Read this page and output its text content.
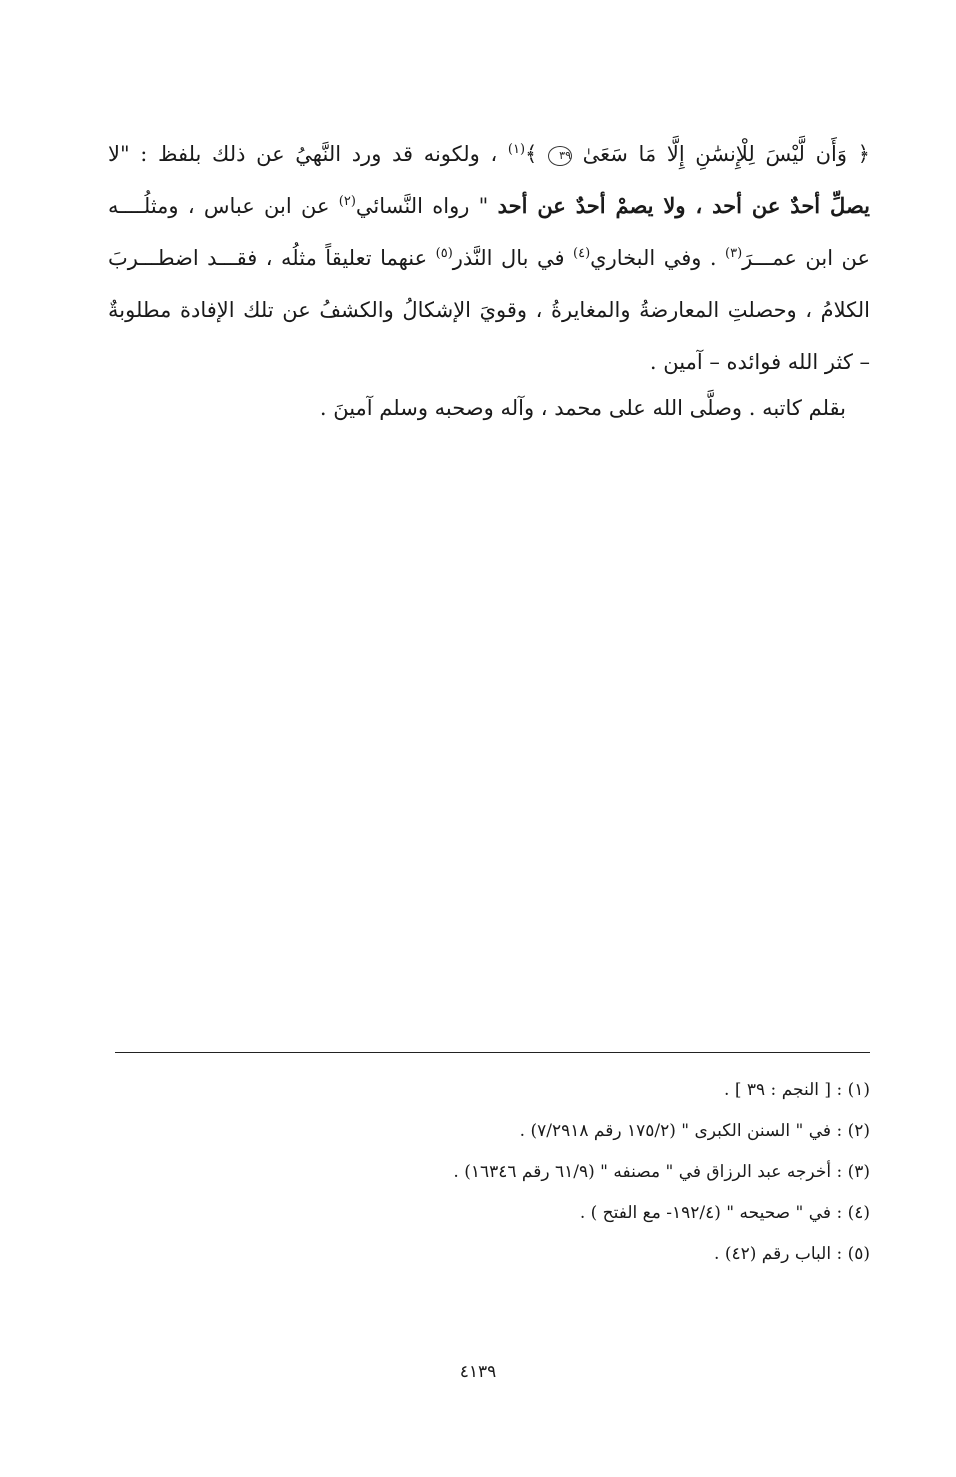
﴿ وَأَن لَّيْسَ لِلْإِنسَٰنِ إِلَّا مَا سَعَىٰ ٣٩ ﴾$^{(١)}$ ، ولكونه قد ورد النَّهيُ عن ذلك بلفظ : "لا
يصلِّ أحدٌ عن أحد ، ولا يصمْ أحدٌ عن أحد " رواه النَّسائي$^{(٢)}$ عن ابن عباس ، ومثلُــــه
عن ابن عمـــرَ$^{(٣)}$ . وفي البخاري$^{(٤)}$ في بال النَّذر$^{(٥)}$ عنهما تعليقاً مثلُه ، فقـــد اضطـــربَ
الكلامُ ، وحصلتِ المعارضةُ والمغايرةُ ، وقويَ الإشكالُ والكشفُ عن تلك الإفادة مطلوبةٌ
– كثر الله فوائده – آمين .
بقلم كاتبه . وصلَّى الله على محمد ، وآله وصحبه وسلم آمينَ .
(١) : [ النجم : ٣٩ ] .
(٢) : في " السنن الكبرى " (١٧٥/٢ رقم ٧/٢٩١٨) .
(٣) : أخرجه عبد الرزاق في " مصنفه " (٦١/٩ رقم ١٦٣٤٦) .
(٤) : في " صحيحه " (١٩٢/٤- مع الفتح ) .
(٥) : الباب رقم (٤٢) .
٤١٣٩
